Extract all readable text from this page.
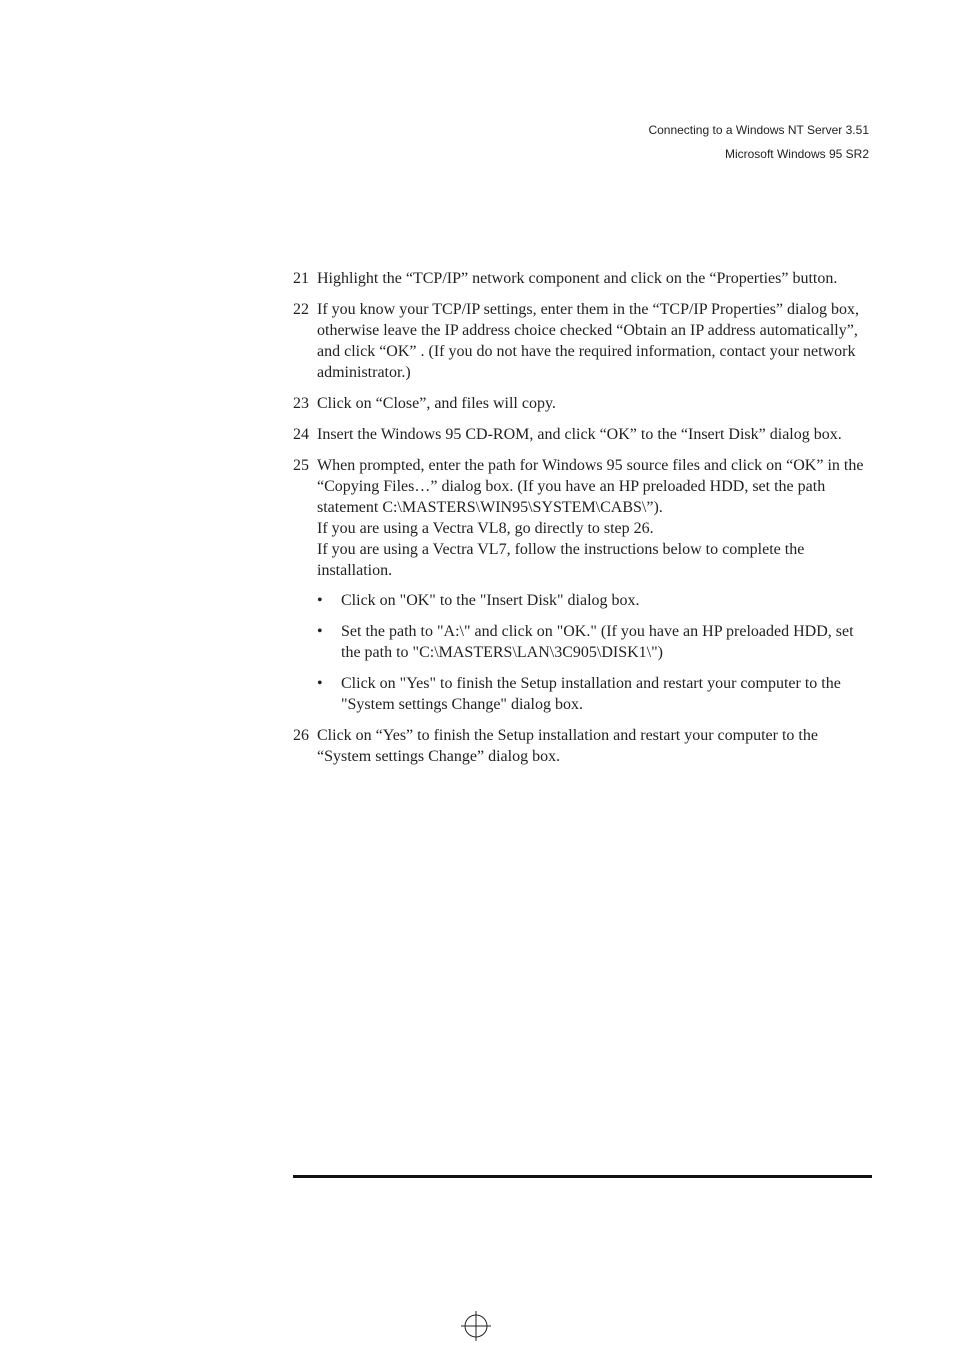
Connecting to a Windows NT Server 3.51
Microsoft Windows 95 SR2
21 Highlight the “TCP/IP” network component and click on the “Properties” button.

22 If you know your TCP/IP settings, enter them in the “TCP/IP Properties” dialog box, otherwise leave the IP address choice checked “Obtain an IP address automatically”, and click “OK” . (If you do not have the required information, contact your network administrator.)

23 Click on “Close”, and files will copy.

24 Insert the Windows 95 CD-ROM, and click “OK” to the “Insert Disk” dialog box.

25 When prompted, enter the path for Windows 95 source files and click on “OK” in the “Copying Files…” dialog box. (If you have an HP preloaded HDD, set the path statement C:\MASTERS\WIN95\SYSTEM\CABS\”).

If you are using a Vectra VL8, go directly to step 26.

If you are using a Vectra VL7, follow the instructions below to complete the installation.

•	Click on "OK" to the "Insert Disk" dialog box.
•	Set the path to "A:\" and click on "OK." (If you have an HP preloaded HDD, set the path to "C:\MASTERS\LAN\3C905\DISK1\")
•	Click on "Yes" to finish the Setup installation and restart your computer to the "System settings Change" dialog box.
26 Click on “Yes” to finish the Setup installation and restart your computer to the “System settings Change” dialog box.
